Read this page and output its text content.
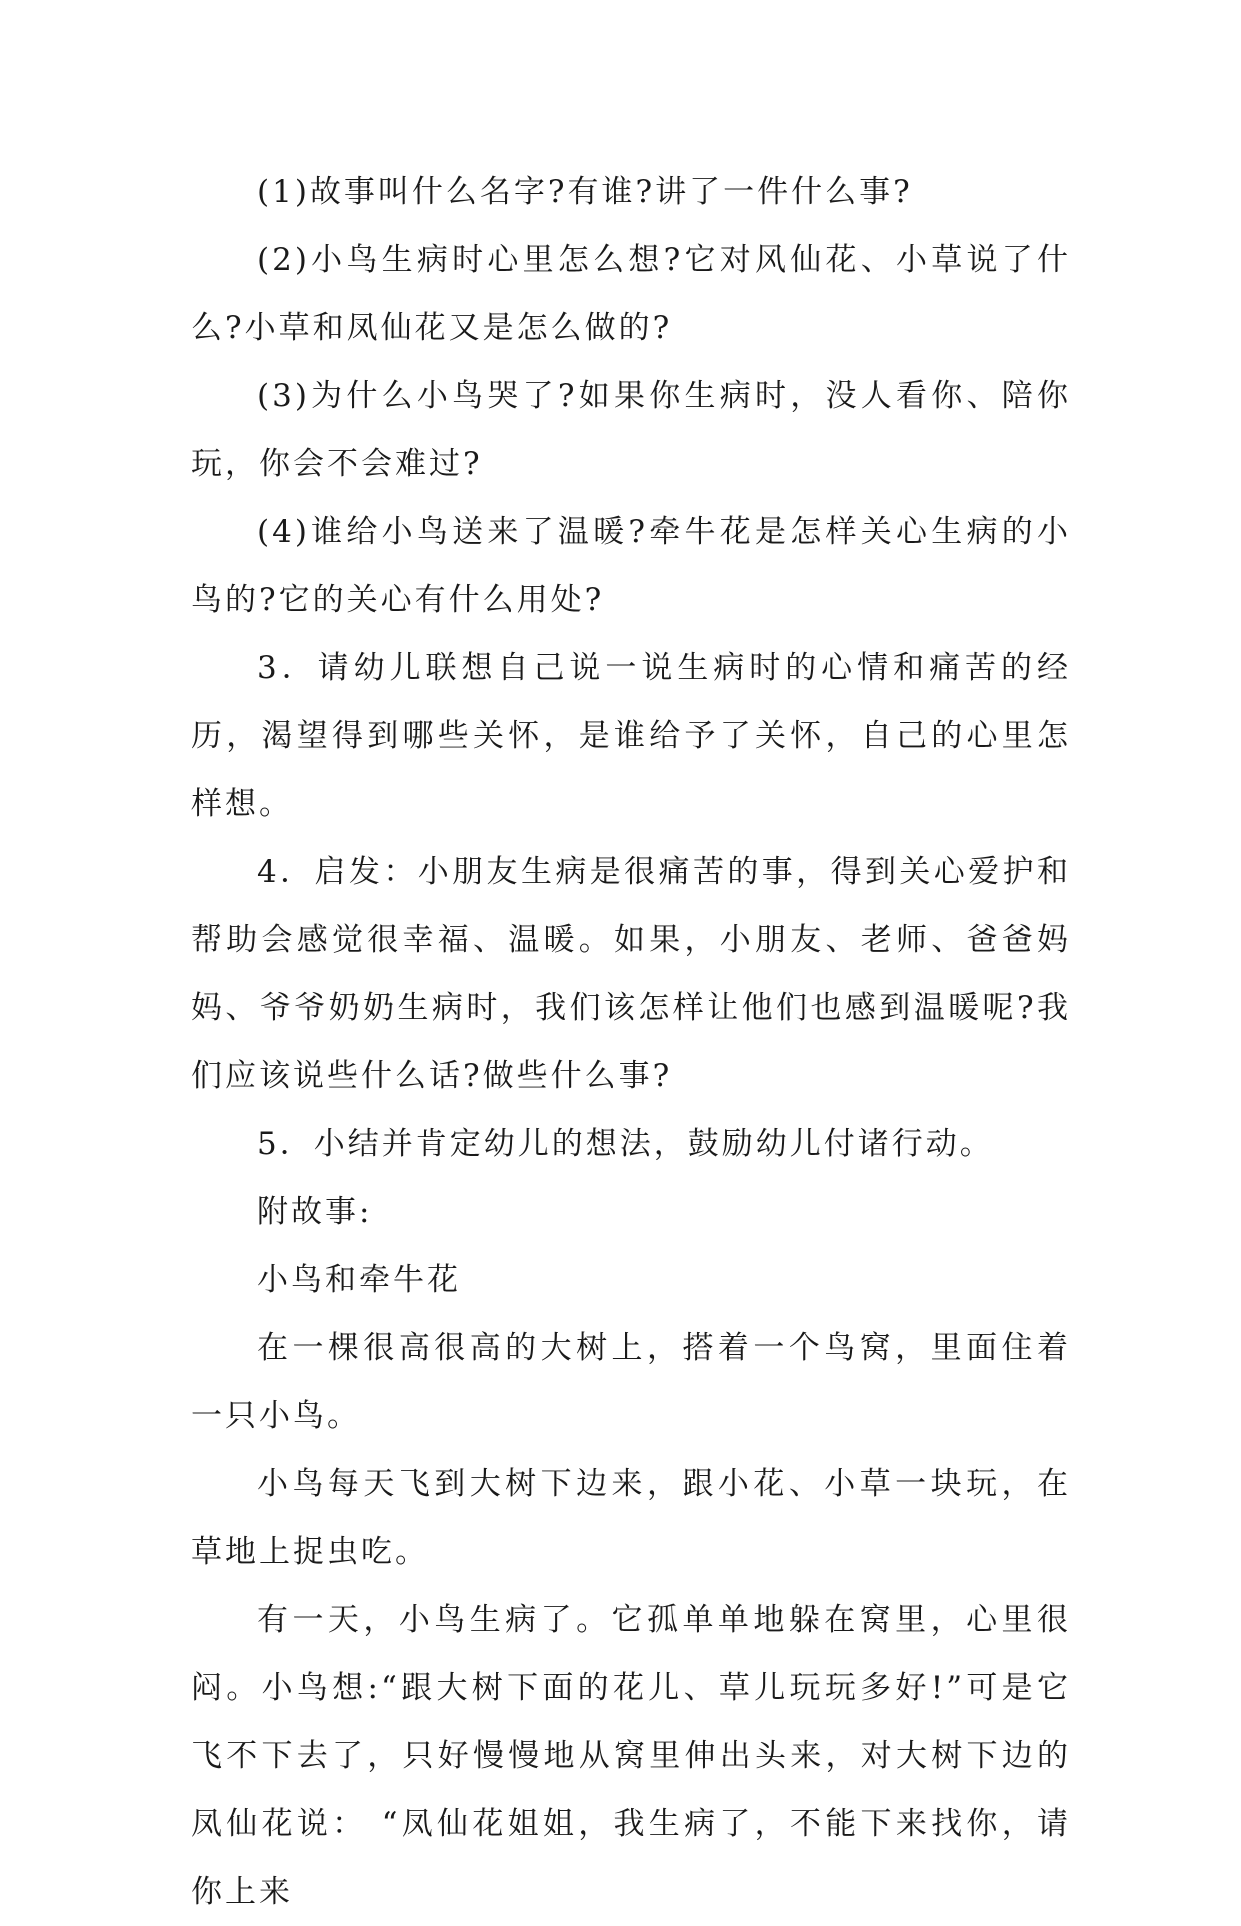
(1)故事叫什么名字?有谁?讲了一件什么事?

(2)小鸟生病时心里怎么想?它对风仙花、小草说了什么?小草和凤仙花又是怎么做的?

(3)为什么小鸟哭了?如果你生病时，没人看你、陪你玩，你会不会难过?

(4)谁给小鸟送来了温暖?牵牛花是怎样关心生病的小鸟的?它的关心有什么用处?

3．请幼儿联想自己说一说生病时的心情和痛苦的经历，渴望得到哪些关怀，是谁给予了关怀，自己的心里怎样想。

4．启发：小朋友生病是很痛苦的事，得到关心爱护和帮助会感觉很幸福、温暖。如果，小朋友、老师、爸爸妈妈、爷爷奶奶生病时，我们该怎样让他们也感到温暖呢?我们应该说些什么话?做些什么事?

5．小结并肯定幼儿的想法，鼓励幼儿付诸行动。

附故事:

小鸟和牵牛花

在一棵很高很高的大树上，搭着一个鸟窝，里面住着一只小鸟。

小鸟每天飞到大树下边来，跟小花、小草一块玩，在草地上捉虫吃。

有一天，小鸟生病了。它孤单单地躲在窝里，心里很闷。小鸟想:“跟大树下面的花儿、草儿玩玩多好!”可是它飞不下去了，只好慢慢地从窝里伸出头来，对大树下边的凤仙花说： “凤仙花姐姐，我生病了，不能下来找你，请你上来
